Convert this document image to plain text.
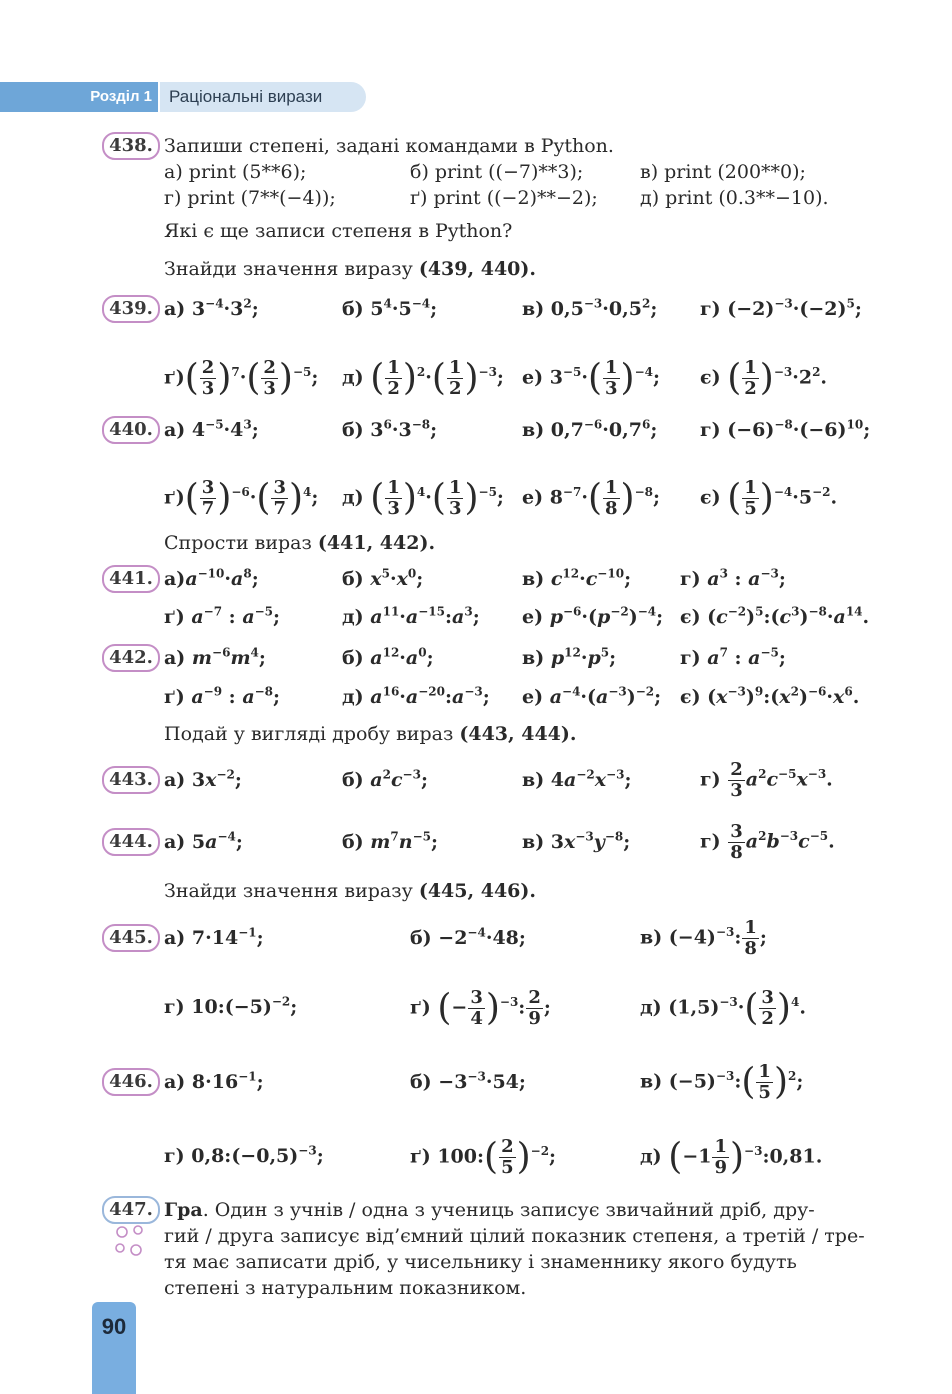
Розділ 1	Раціональні вирази
438. Запиши степені, задані командами в Python.
а) print (5**6);	б) print ((−7)**3);	в) print (200**0);
г) print (7**(−4));	ґ) print ((−2)**−2); д) print (0.3**−10).
Які є ще записи степеня в Python?
Знайди значення виразу (439, 440).
439. а) $3^{-4}\cdot 3^2$;	б) $5^4\cdot 5^{-4}$;	в) $0,5^{-3}\cdot 0,5^2$; г) $(-2)^{-3}\cdot(-2)^5$;
$ґ)( \frac{2}{3} )^7\cdot( \frac{2}{3} )^{-5}$; д) ( $\frac{1}{2} )^2\cdot( \frac{1}{2} )^{-3}$; е) $3^{-5}\cdot( \frac{1}{3} )^{-4}$; є) ( $\frac{1}{2} )^{-3}\cdot 2^2$.
440. а) $4^{-5}\cdot 4^3$;	б) $3^6\cdot 3^{-8}$;	в) $0,7^{-6}\cdot 0,7^6$; г) $(-6)^{-8}\cdot(-6)^{10}$;
$ґ)( \frac{3}{7} )^{-6}\cdot( \frac{3}{7} )^4$; д) ( $\frac{1}{3} )^4\cdot( \frac{1}{3} )^{-5}$; е) $8^{-7}\cdot( \frac{1}{8} )^{-8}$; є) ( $\frac{1}{5} )^{-4}\cdot 5^{-2}$.
Спрости вираз (441, 442).
441. $а)a^{-10}\cdot a^8$;	б) $x^5\cdot x^0$;	в) $c^{12}\cdot c^{-10}$;	г) $a^3$ : $a^{-3}$;
ґ) $a^{-7}$ : $a^{-5}$;	д) $a^{11}\cdot a^{-15}:a^3$; е) $p^{-6}\cdot(p^{-2})^{-4}$; є) $(c^{-2})^5:(c^3)^{-8}\cdot a^{14}$.
442. а) $m^{-6}m^4$;	б) $a^{12}\cdot a^0$;	в) $p^{12}\cdot p^5$;	г) $a^7$ : $a^{-5}$;
ґ) $a^{-9}$ : $a^{-8}$;	д) $a^{16}\cdot a^{-20}:a^{-3}$; е) $a^{-4}\cdot(a^{-3})^{-2}$; є) $(x^{-3})^9:(x^2)^{-6}\cdot x^6$.
Подай у вигляді дробу вираз (443, 444).
443. а) $3x^{-2}$;	б) $a^2c^{-3}$;	в) $4a^{-2}x^{-3}$;	$г) \frac{2}{3} a^2c^{-5}x^{-3}$.
444. а) $5a^{-4}$;	б) $m^7n^{-5}$;	в) $3x^{-3}y^{-8}$;	$г) \frac{3}{8} a^2b^{-3}c^{-5}$.
Знайди значення виразу (445, 446).
445. а) $7\cdot 14^{-1}$;	$б) -2^{-4}\cdot 48$;	в) $(-4)^{-3}$: $\frac{1}{8}$ ;
г) $10:(-5)^{-2}$;	ґ) (− $\frac{3}{4} )^{-3}$: $\frac{2}{9}$ ;	д) $(1,5)^{-3}\cdot( \frac{3}{2} )^4$.
446. а) $8\cdot 16^{-1}$;	$б) -3^{-3}\cdot 54$;	в) $(-5)^{-3}:( \frac{1}{5} )^2$;
г) $0,8:(-0,5)^{-3}$;	ґ) 100:( $\frac{2}{5} )^{-2}$;	д) ($-1 \frac{1}{9}$ )$^{-3}:0,81$.
447. Гра. Один з учнів / одна з учениць записує звичайний дріб, дру-
гий / друга записує від’ємний цілий показник степеня, а третій / тре-
тя має записати дріб, у чисельнику і знаменнику якого будуть
степені з натуральним показником.
90
